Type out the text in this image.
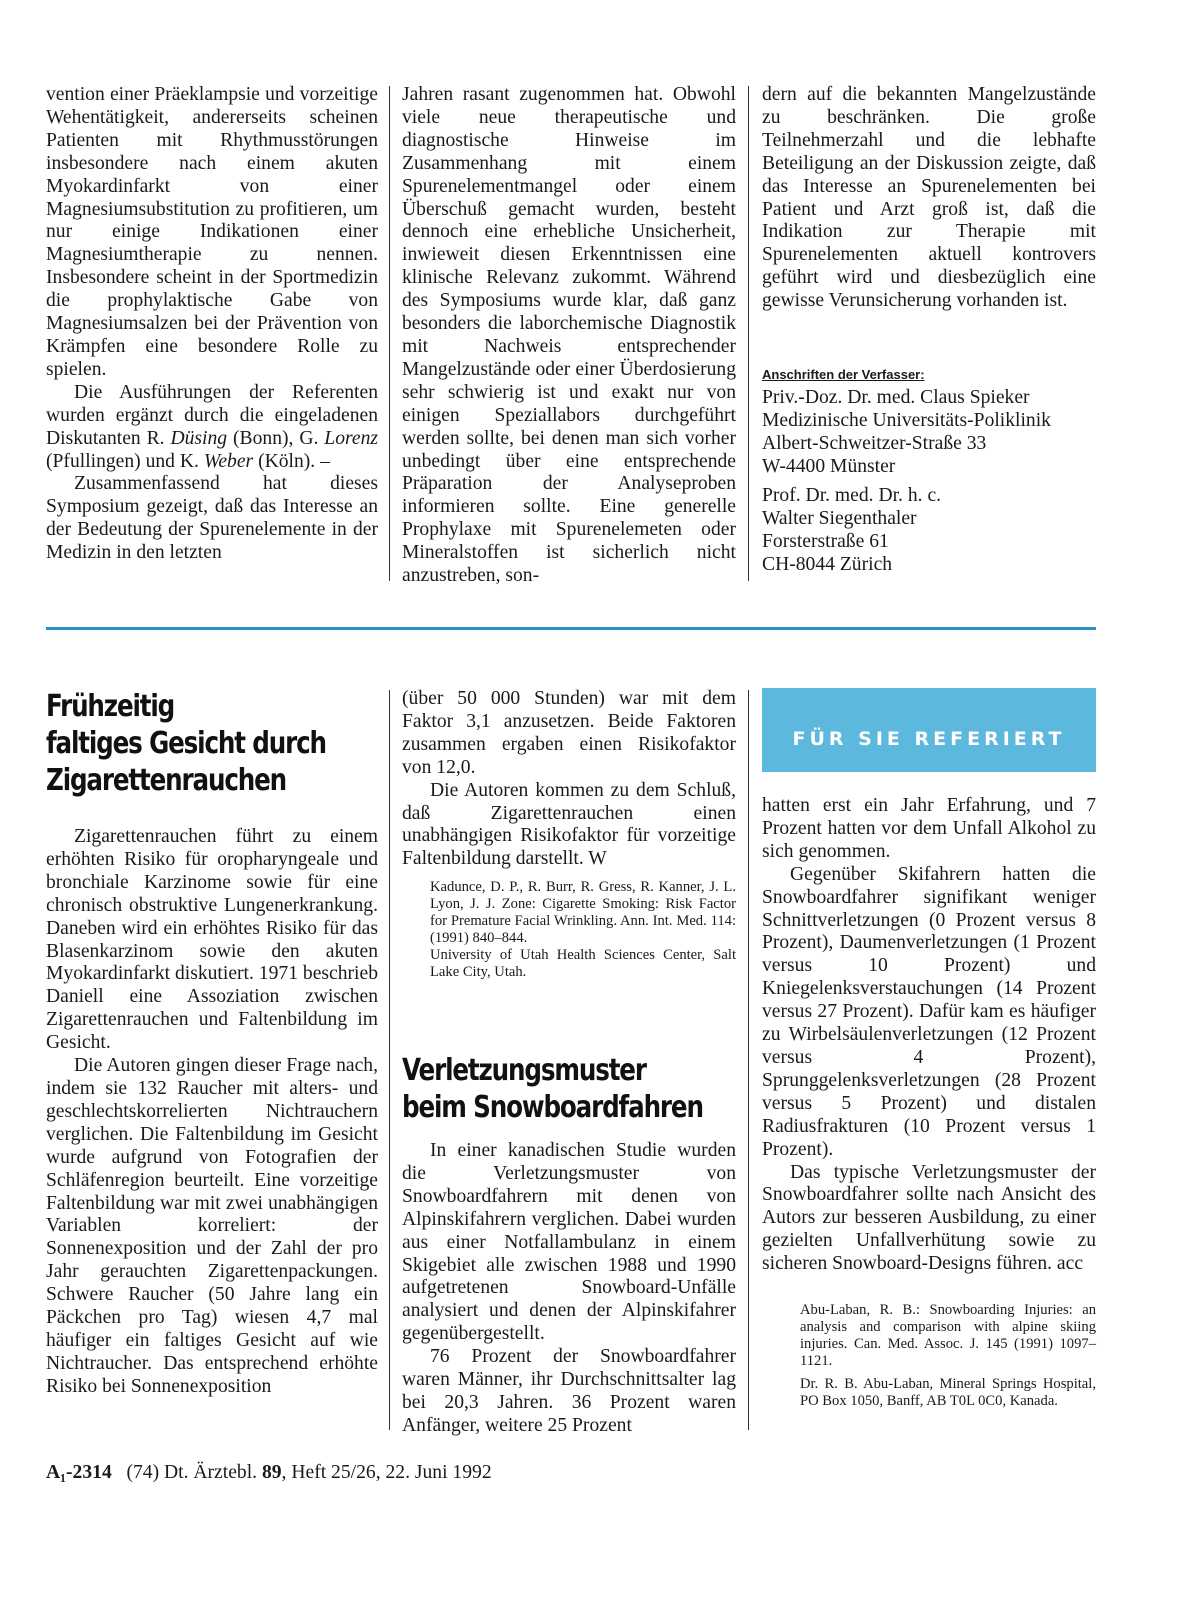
vention einer Präeklampsie und vorzeitige Wehentätigkeit, andererseits scheinen Patienten mit Rhythmusstörungen insbesondere nach einem akuten Myokardinfarkt von einer Magnesiumsubstitution zu profitieren, um nur einige Indikationen einer Magnesiumtherapie zu nennen. Insbesondere scheint in der Sportmedizin die prophylaktische Gabe von Magnesiumsalzen bei der Prävention von Krämpfen eine besondere Rolle zu spielen.

Die Ausführungen der Referenten wurden ergänzt durch die eingeladenen Diskutanten R. Düsing (Bonn), G. Lorenz (Pfullingen) und K. Weber (Köln). –

Zusammenfassend hat dieses Symposium gezeigt, daß das Interesse an der Bedeutung der Spurenelemente in der Medizin in den letzten

Jahren rasant zugenommen hat. Obwohl viele neue therapeutische und diagnostische Hinweise im Zusammenhang mit einem Spurenelementmangel oder einem Überschuß gemacht wurden, besteht dennoch eine erhebliche Unsicherheit, inwieweit diesen Erkenntnissen eine klinische Relevanz zukommt. Während des Symposiums wurde klar, daß ganz besonders die laborchemische Diagnostik mit Nachweis entsprechender Mangelzustände oder einer Überdosierung sehr schwierig ist und exakt nur von einigen Speziallabors durchgeführt werden sollte, bei denen man sich vorher unbedingt über eine entsprechende Präparation der Analyseproben informieren sollte. Eine generelle Prophylaxe mit Spurenelemeten oder Mineralstoffen ist sicherlich nicht anzustreben, son-

dern auf die bekannten Mangelzustände zu beschränken. Die große Teilnehmerzahl und die lebhafte Beteiligung an der Diskussion zeigte, daß das Interesse an Spurenelementen bei Patient und Arzt groß ist, daß die Indikation zur Therapie mit Spurenelementen aktuell kontrovers geführt wird und diesbezüglich eine gewisse Verunsicherung vorhanden ist.

Anschriften der Verfasser:

Priv.-Doz. Dr. med. Claus Spieker
Medizinische Universitäts-Poliklinik
Albert-Schweitzer-Straße 33
W-4400 Münster
Prof. Dr. med. Dr. h. c.
Walter Siegenthaler
Forsterstraße 61
CH-8044 Zürich
Frühzeitig
faltiges Gesicht durch
Zigarettenrauchen

Zigarettenrauchen führt zu einem erhöhten Risiko für oropharyngeale und bronchiale Karzinome sowie für eine chronisch obstruktive Lungenerkrankung. Daneben wird ein erhöhtes Risiko für das Blasenkarzinom sowie den akuten Myokardinfarkt diskutiert. 1971 beschrieb Daniell eine Assoziation zwischen Zigarettenrauchen und Faltenbildung im Gesicht.

Die Autoren gingen dieser Frage nach, indem sie 132 Raucher mit alters- und geschlechtskorrelierten Nichtrauchern verglichen. Die Faltenbildung im Gesicht wurde aufgrund von Fotografien der Schläfenregion beurteilt. Eine vorzeitige Faltenbildung war mit zwei unabhängigen Variablen korreliert: der Sonnenexposition und der Zahl der pro Jahr gerauchten Zigarettenpackungen. Schwere Raucher (50 Jahre lang ein Päckchen pro Tag) wiesen 4,7 mal häufiger ein faltiges Gesicht auf wie Nichtraucher. Das entsprechend erhöhte Risiko bei Sonnenexposition

(über 50 000 Stunden) war mit dem Faktor 3,1 anzusetzen. Beide Faktoren zusammen ergaben einen Risikofaktor von 12,0.

Die Autoren kommen zu dem Schluß, daß Zigarettenrauchen einen unabhängigen Risikofaktor für vorzeitige Faltenbildung darstellt. W

Kadunce, D. P., R. Burr, R. Gress, R. Kanner, J. L. Lyon, J. J. Zone: Cigarette Smoking: Risk Factor for Premature Facial Wrinkling. Ann. Int. Med. 114: (1991) 840–844.

University of Utah Health Sciences Center, Salt Lake City, Utah.

Verletzungsmuster
beim Snowboardfahren

In einer kanadischen Studie wurden die Verletzungsmuster von Snowboardfahrern mit denen von Alpinskifahrern verglichen. Dabei wurden aus einer Notfallambulanz in einem Skigebiet alle zwischen 1988 und 1990 aufgetretenen Snowboard-Unfälle analysiert und denen der Alpinskifahrer gegenübergestellt.

76 Prozent der Snowboardfahrer waren Männer, ihr Durchschnittsalter lag bei 20,3 Jahren. 36 Prozent waren Anfänger, weitere 25 Prozent

FÜR SIE REFERIERT

hatten erst ein Jahr Erfahrung, und 7 Prozent hatten vor dem Unfall Alkohol zu sich genommen.

Gegenüber Skifahrern hatten die Snowboardfahrer signifikant weniger Schnittverletzungen (0 Prozent versus 8 Prozent), Daumenverletzungen (1 Prozent versus 10 Prozent) und Kniegelenksverstauchungen (14 Prozent versus 27 Prozent). Dafür kam es häufiger zu Wirbelsäulenverletzungen (12 Prozent versus 4 Prozent), Sprunggelenksverletzungen (28 Prozent versus 5 Prozent) und distalen Radiusfrakturen (10 Prozent versus 1 Prozent).

Das typische Verletzungsmuster der Snowboardfahrer sollte nach Ansicht des Autors zur besseren Ausbildung, zu einer gezielten Unfallverhütung sowie zu sicheren Snowboard-Designs führen. acc

Abu-Laban, R. B.: Snowboarding Injuries: an analysis and comparison with alpine skiing injuries. Can. Med. Assoc. J. 145 (1991) 1097–1121.

Dr. R. B. Abu-Laban, Mineral Springs Hospital, PO Box 1050, Banff, AB T0L 0C0, Kanada.

A₁-2314 (74) Dt. Ärztebl. 89, Heft 25/26, 22. Juni 1992
